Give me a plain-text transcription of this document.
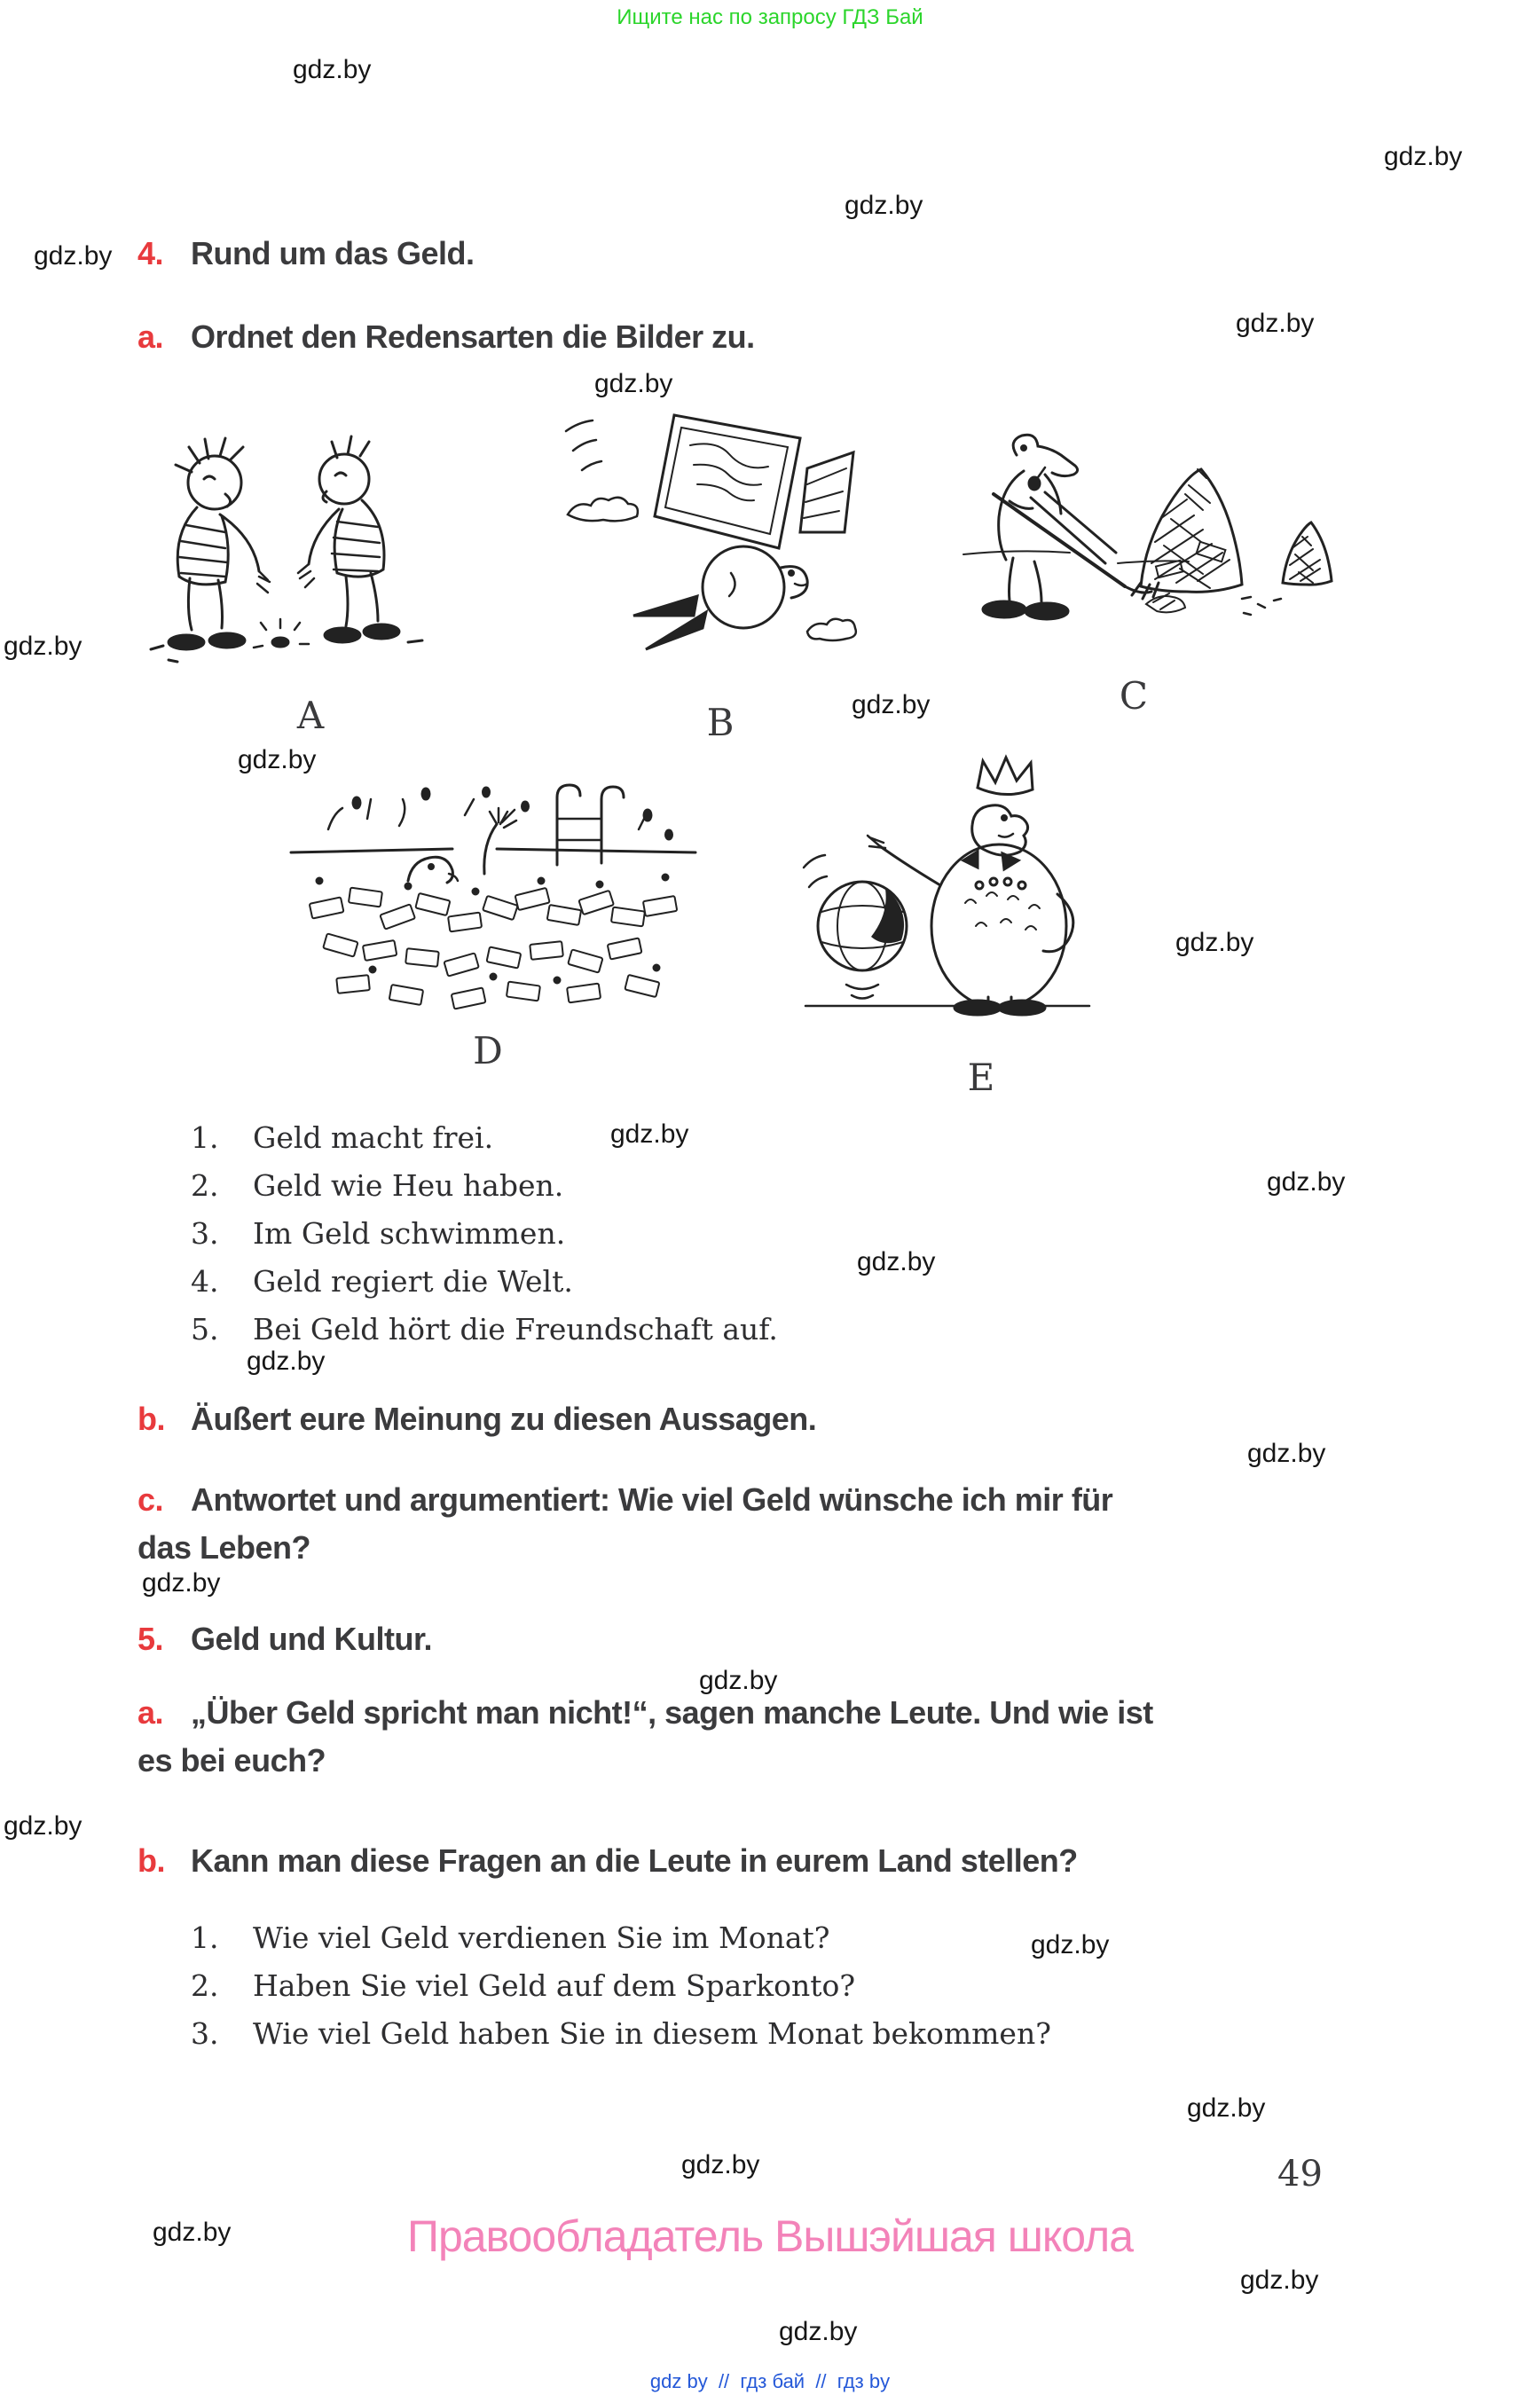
Ищите нас по запросу ГДЗ Бай
gdz.by
gdz.by
gdz.by
gdz.by
gdz.by
gdz.by
gdz.by
gdz.by
gdz.by
gdz.by
gdz.by
gdz.by
gdz.by
gdz.by
gdz.by
gdz.by
gdz.by
gdz.by
gdz.by
gdz.by
gdz.by
gdz.by
gdz.by
gdz.by
4. Rund um das Geld.
a. Ordnet den Redensarten die Bilder zu.
A	B
C
D
E
1. Geld macht frei.
2. Geld wie Heu haben.
3. Im Geld schwimmen.
4. Geld regiert die Welt.
5. Bei Geld hört die Freundschaft auf.
b. Äußert eure Meinung zu diesen Aussagen.
c. Antwortet und argumentiert: Wie viel Geld wünsche ich mir für
das Leben?
5. Geld und Kultur.
a. „Über Geld spricht man nicht!“, sagen manche Leute. Und wie ist
es bei euch?
b. Kann man diese Fragen an die Leute in eurem Land stellen?
1. Wie viel Geld verdienen Sie im Monat?
2. Haben Sie viel Geld auf dem Sparkonto?
3. Wie viel Geld haben Sie in diesem Monat bekommen?
49
Правообладатель Вышэйшая школа
gdz by  //  гдз бай  //  гдз by
